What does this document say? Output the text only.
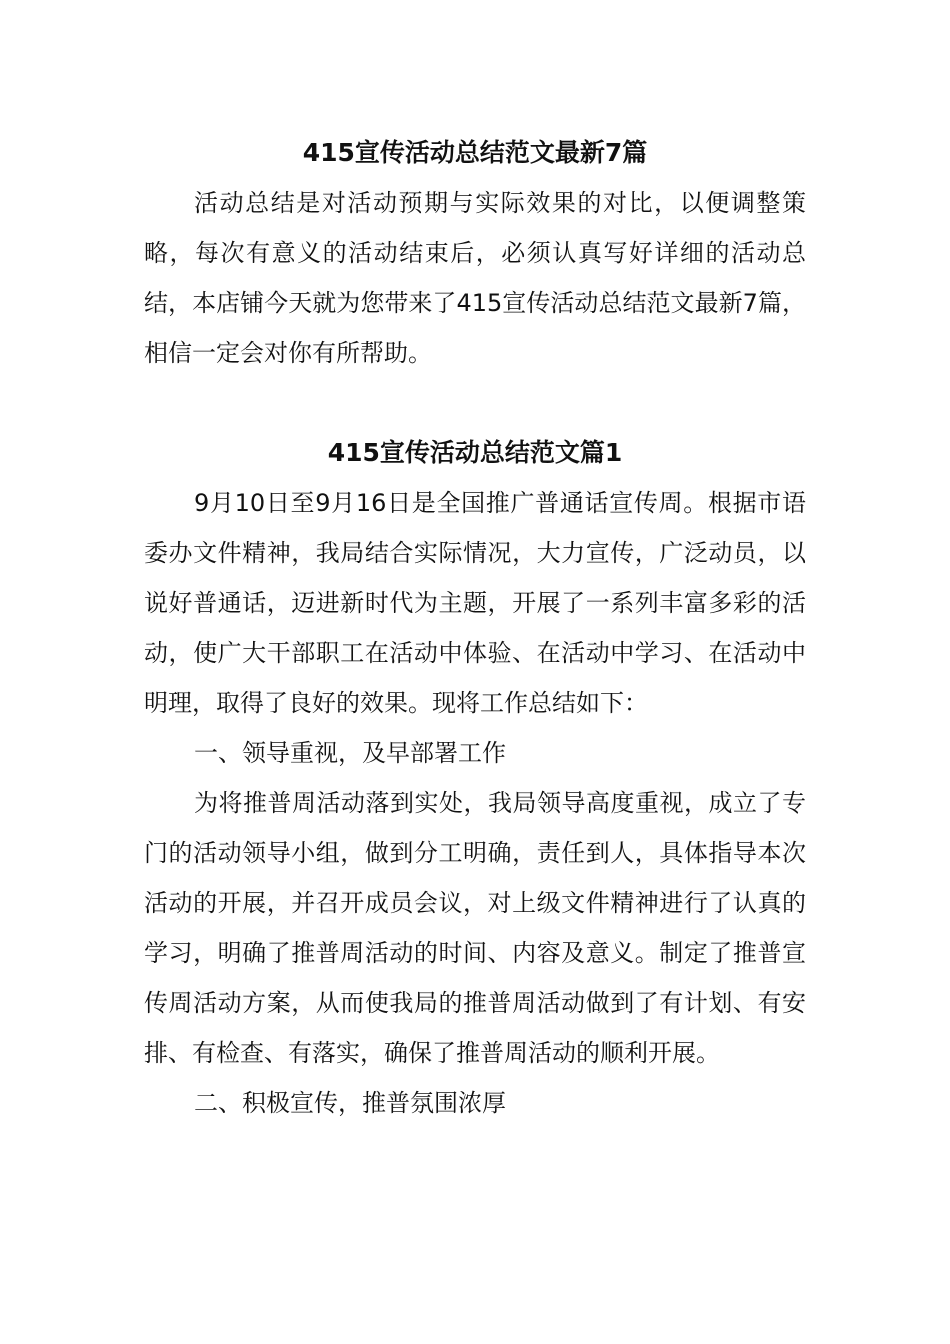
415宣传活动总结范文最新7篇

活动总结是对活动预期与实际效果的对比，以便调整策略，每次有意义的活动结束后，必须认真写好详细的活动总结，本店铺今天就为您带来了415宣传活动总结范文最新7篇，相信一定会对你有所帮助。

415宣传活动总结范文篇1

9月10日至9月16日是全国推广普通话宣传周。根据市语委办文件精神，我局结合实际情况，大力宣传，广泛动员，以说好普通话，迈进新时代为主题，开展了一系列丰富多彩的活动，使广大干部职工在活动中体验、在活动中学习、在活动中明理，取得了良好的效果。现将工作总结如下：

一、领导重视，及早部署工作

为将推普周活动落到实处，我局领导高度重视，成立了专门的活动领导小组，做到分工明确，责任到人，具体指导本次活动的开展，并召开成员会议，对上级文件精神进行了认真的学习，明确了推普周活动的时间、内容及意义。制定了推普宣传周活动方案，从而使我局的推普周活动做到了有计划、有安排、有检查、有落实，确保了推普周活动的顺利开展。

二、积极宣传，推普氛围浓厚
